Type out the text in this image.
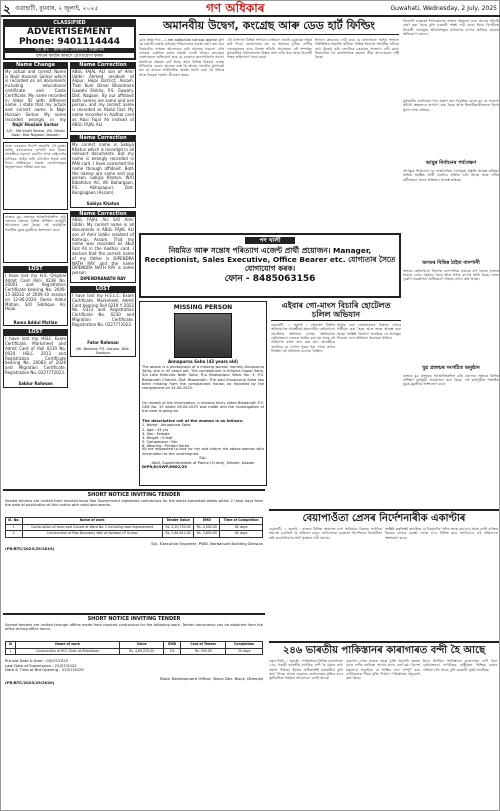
২ গুৱাহাটী, বুধবাৰ, ২ জুলাই, ২০২৫	গণ অধিকাৰ	Guwahati, Wednesday, 2 July, 2025
CLASSIFIED
ADVERTISEMENT
Phone: 9401114444
মিঃ ক্ৰঃ - কলকাতা ডেকালীন বিজ্ঞাপন
বহুতৰ কাৰ্য্যৰ কাৰণে যোগাযোগ কৰক
Name Change
My actual and correct Name is Najir Hussain Sarkar which is recorded on all documents including educational certificate and Caste Certificate. My name recorded in Voter ID with different name. I state that my actual and correct name is Najir Hussain Sarkar. My name recorded wrongly in my
Najir Hussain Sarkar
S/O - Md Khalil Sarkar, Vill- Dhubi Gaon, Dist Nagaon (Assam)
ৰাজ্য চৰকাৰৰ নিৰ্দেশ অনুসৰি গো-সুৰক্ষা আইন কঠোৰভাৱে ৰূপায়ণ কৰা হৈছে। আৰক্ষীয়ে সকলো হোটেল আৰু ৰেষ্টুৰেণ্টৰ মালিকক আইন মানি চলিবলৈ সতৰ্ক কৰি দিয়ে। অভিযানৰ সময়ত হোটেলসমূহৰ অনুজ্ঞাপত্ৰও পৰীক্ষা কৰা হয়।
ৰাজ্যৰ যুৱ প্ৰজন্মক আত্মনিৰ্ভৰশীল কৰি তোলাৰ লক্ষ্যৰে বিভিন্ন প্ৰশিক্ষণ কাৰ্যসূচী আয়োজন কৰা হৈছে। এই কাৰ্যসূচীত শতাধিক যুৱক-যুৱতীয়ে অংশগ্ৰহণ কৰে।
LOST
I have lost my H.S. Original Admit Card Roll- 0238 No. 20001 and Registration Certificate bearing No. 2009-15-38232 of 2009-10 session on 12-06-2024. Rama Addul Matian, S/O Siddique Ali, Hojai.
Rama Addul Matian
LOST
I have lost my HSLC Exam Certificate, Marksheet and Admit Card of Roll 0219 No. 0024 HSLC 2013 and Registration Certificate bearing No. 20083 of 2026 and Migration Certificate. Registration No. 0227772023.
Sabiur Rahman
Name Correction
ABUL FAJAL ALI son of Amir Uddin Ahmed resident of Alipur, Hojai District, Assam. That Kum Bimal Bhoomaira Gawahi Shikha, P.S. Gawahi, Dist. Nagaon. By our affidavit both names are same and one person, and my correct name is recorded as Abdul Fazl. My name recorded in Aadhar card as Abul Fajal Ali instead of ABUL FAJAL ALI.
Name Correction
My correct name is Sabiya Khatun which is recorded in all relevant documents. But my name is wrongly recorded in PAN card. I have corrected the name through affidavit. Both the names are same and one person. Sabiya Khatun, W/O Bibahitun Ali, Vill Bahargaon, P.S. Abhayapuri, Dist. Bongaigaon (Assam).
Sabiya Khatun
Name Correction
ABUL FAJAL ALI S/O Amir Uddin. My correct name in all documents is ABUL FAJAL ALI son of Amir Uddin resident of Kamrup, Assam. That my name was recorded as Abul Fazl Ali in the Aadhar card. I declare that the correct name of my father is DIPENDRA NATH RAY and the name DIPENDRA NATH RAY is same person.
DIPENDRANATH RAY
LOST
I have lost my H.S.L.C. Exam Certificate, Marksheet, Admit Card bearing Roll 0219 Y 2022 No. 0313 and Registration Certificate No. 0230 and Migration Certificate. Registration No. 0227772023.
Fator Rahman
Vill- Belpara, P.S. Gohpur, Dist- Sonitpur
অমানবীয় উদ্বেগ, কংগ্ৰেছ আৰু ডেড হাৰ্ট ফিল্ডিং
মোৰ প্ৰশ্নৰ পৰা... I am addictive cannot blame বুলি কৈ নৱাজী বাতৰি মাধ্যমক পৰিচালনাৰ ব্যৱস্থা গ্ৰহণ কৰা হয়। বিষয়টোৰ ওপৰত আলোচনা কৰি সমাজৰ সকলো বৰ্গৰ লোকক একত্ৰিত কৰাৰ প্ৰচেষ্টা চলাই আছে। কংগ্ৰেছৰ নেতাসকলে অভিযোগ কৰে যে চৰকাৰে জনসাধাৰণৰ সমস্যা সমাধানৰ ক্ষেত্ৰত ব্যৰ্থ হৈছে আৰু বিভিন্ন বিষয়ত গুৰুত্ব নিদিয়াকৈ কেৱল প্ৰচাৰত ব্যস্ত হৈ আছে। দলটোৰ মুখপাত্ৰই কয় যে ৰাজ্যৰ অৰ্থনৈতিক অৱস্থা ক্ৰমাৎ বেয়া হৈ পৰিছে আৰু নিবনুৱা সমস্যা তীব্ৰতৰ হৈছে।
এই প্ৰসংগত বিভিন্ন সংগঠনে প্ৰতিবাদ জনাই চৰকাৰক সতৰ্ক কৰি দিয়ে। তেওঁলোকে কয় যে সমাজৰ দুখীয়া শ্ৰেণীৰ লোকসকলৰ বাবে বিশেষ আঁচনি প্ৰয়োজন। এই সম্পৰ্কত মুখ্যমন্ত্ৰীয়ে বিধানসভাত বিস্তৃত তথ্য দাঙি ধৰে আৰু বিৰোধী পক্ষৰ অভিযোগ খণ্ডন কৰে।
ইফালে কংগ্ৰেছে দাবী কৰে যে ৰাজ্যখনত আইন শৃংখলা পৰিস্থিতিৰ অৱনতি ঘটিছে। বিভিন্ন জিলাত সংঘটিত ঘটনাৰ কথা উল্লেখ কৰি দলটোৱে চৰকাৰৰ পদত্যাগ দাবী কৰে। বিষয়টোক লৈ ৰাজনৈতিক মহলত তীব্ৰ আলোড়নৰ সৃষ্টি হৈছে।
বিজেপি চৰকাৰৰ শাসনকালত ৰাজ্যৰ উন্নয়নৰ বাবে অনেক আঁচনি গ্ৰহণ কৰা হৈছে বুলি চৰকাৰী পক্ষই দাবী কৰে। ইয়াৰ বিপৰীতে বিৰোধী দলসমূহে আঁচনিসমূহৰ ৰূপায়ণত ব্যাপক অনিয়ম হোৱাৰ অভিযোগ তোলে।
মুখ্যমন্ত্ৰীৰ কাৰ্যালয়ৰ পৰা প্ৰকাশ কৰা বিবৃতিত কোৱা হয় যে সকলো আঁচনি স্বচ্ছতাৰে ৰূপায়ণ কৰা হৈছে আৰু হিতাধিকাৰীসকলে ইয়াৰ সুফল লাভ কৰিছে।
আছুৰ নিৰ্বাচনৰ পৰ্যবেক্ষণ
আগন্তুক নিৰ্বাচনক লৈ ৰাজনৈতিক দলসমূহে প্ৰস্তুতি আৰম্ভ কৰিছে। বিভিন্ন সমষ্টিত প্ৰাৰ্থী বাছনিৰ প্ৰক্ৰিয়া চলি আছে আৰু দলীয় কৰ্মীসকলে প্ৰচাৰ অভিযান আৰম্ভ কৰিছে।
অসমৰ বিভিন্ন ঠাইত বানপানী
অসমৰ কেইবাখনো জিলাত বানপানীয়ে ভয়াবহ ৰূপ লৈছে। হাজাৰ হাজাৰ লোক গৃহহাৰা হৈছে আৰু শস্যৰ ব্যাপক ক্ষতি হৈছে। ৰাজ্য দুৰ্যোগ ব্যৱস্থাপনা প্ৰাধিকৰণে সাহায্য প্ৰদান কৰি আছে।
যুৱ প্ৰজন্মৰ সংগঠিত অনুষ্ঠান
ৰাজ্যৰ যুৱ প্ৰজন্মক আত্মনিৰ্ভৰশীল কৰি তোলাৰ লক্ষ্যৰে বিভিন্ন প্ৰশিক্ষণ কাৰ্যসূচী আয়োজন কৰা হৈছে। এই কাৰ্যসূচীত শতাধিক যুৱক-যুৱতীয়ে অংশগ্ৰহণ কৰে।
পদ খালী
নিয়মিত আৰু সন্তোষ পৰিত্যাগ এজেন্ট প্ৰাৰ্থী প্ৰয়োজন। Manager, Receptionist, Sales Executive, Office Bearer etc. যোগ্যতাৰ সৈতে যোগাযোগ কৰক।
ফোন - 8485063156
MISSING PERSON
Annapurna Saha (43 years old)
The above is a photograph of a missing woman namely Annapurna Saha, she is 43 years old. The complainant is Krishna Gopal Saha, S/o Late Birendra Nath Saha, R/o Bhabanipur Ward No. 3, P.S. Biswanath Chariali, Dist. Biswanath. The said Annapurna Saha has been missing from the complainant house, as reported by the complainant on 24-06-2025.
On receipt of the information, a missing entry video Biswanath P.S. GDE No. 33 dated 26-06-2025 was made and the investigation of the case is going on.
The descriptive roll of the woman is as follows:
1. Name : Annapurna Saha
2. Age : 43 yrs
3. Sex : Female
4. Height : 5 feet
5. Complexion : Fair
6. Wearing : Printed Saree
All are requested to look for her and inform the above woman with information to the undersigned.
Sd/-
Addl. Superintendent of Police (Crime), Dhubri, Assam
DIPR/D/GWP/0682/25
এইবাৰ গো-মাংস বিচাৰি হোটেলত চলিল অভিযান
গুৱাহাটী, ১ জুলাই : গোমাংস বিক্ৰীৰ অভিযোগত আৰক্ষীয়ে মহানগৰীৰ কেইবাখনো হোটেলত অভিযান চলায়। অভিযানত কেইবাজনো লোকক আটক কৰা হয় আৰু বহু পৰিমাণৰ মাংস জব্দ কৰা হয়। আৰক্ষীয়ে জনাইছে যে গোপন সূত্ৰৰ পৰা পোৱা তথ্যৰ ভিত্তিত এই অভিযান চলোৱা হৈছিল।
আটক কৰা লোকসকলৰ বিৰুদ্ধে গোচৰ পঞ্জীয়ন কৰা হৈছে আৰু তদন্ত আৰম্ভ কৰা হৈছে। সংশ্লিষ্ট বিভাগে জনাইছে যে আগন্তুক দিনতো এনে অভিযান অব্যাহত থাকিব।
SHORT NOTICE INVITING TENDER
Sealed tenders are invited from reputed bona fide Government registered contractors for the works tabulated below within 2 (two) days from the date of publication of this notice with valid documents.
Sl. No.	Name of work	Tender Value	EMD	Time of Completion
1	Construction of drain and Culvert at Ward No. 2 including road improvement	Rs. 4,20,730.00	Rs. 4,000.00	60 days
2	Construction of Pipe Boundary Wall at Kaliabor LP School	Rs. 3,84,612.00	Rs. 3,800.00	60 days
Sd/- Executive Engineer, PWD, Barbaruah Building Division
(PR/BTC/2023/29/2019)
SHORT NOTICE INVITING TENDER
Sealed tenders are invited through offline mode from reputed contractors for the following work. Tender documents can be obtained from the office during office hours.
Sl	Name of work	Value	EMD	Cost of Tender	Completion
1	Construction of RCC Drain at Bhalukbari	Rs. 4,89,225.00	2%	Rs. 500.00	30 days
Pre-bid Date & time : 03/07/2025
Last Date of Submission : 22/07/2025
Date & Time of Bid Opening : 22/07/2025
Block Development Officer, Block Dev. Block, Dhemaji
(PR/BTC/2023/29/2020)
বেয়াপাওঁতা প্ৰেসৰ নিৰ্দেশনাৰীক একাণ্টাৰ
গুৱাহাটী, ১ জুলাই : ৰাজ্যৰ বিভিন্ন অঞ্চলত চলা অনিয়মৰ বিৰুদ্ধে নাগৰিক সমাজে একত্ৰিত হৈ প্ৰতিবাদ কৰে। তেওঁলোকে চৰকাৰৰ নিৰ্দেশনাৰ বিৰোধিতা কৰি জনসাধাৰণৰ স্বাৰ্থ সুৰক্ষাৰ দাবী জনায়।
সংশ্লিষ্ট কৰ্তৃপক্ষই জনাইছে যে বিষয়টোৰ গভীৰ তদন্ত কৰা হ'ব আৰু দোষী ব্যক্তিৰ বিৰুদ্ধে কঠোৰ ব্যৱস্থা লোৱা হ'ব। বিভিন্ন ছাত্ৰ সংগঠনেও এই প্ৰতিবাদত অংশগ্ৰহণ কৰে।
২৪৬ ভাৰতীয় পাকিস্তানৰ কাৰাগাৰত বন্দী হৈ আছে
নতুন দিল্লী, ১ জুলাই : পাকিস্তানৰ বিভিন্ন কাৰাগাৰত ২৪৬ গৰাকী ভাৰতীয় নাগৰিক বন্দী হৈ থকাৰ তথ্য প্ৰকাশ পাইছে। ইয়াৰে অধিকাংশই মাছমৰীয়া বুলি জনা গৈছে। ভাৰত চৰকাৰে তেওঁলোকৰ মুক্তিৰ বাবে কূটনৈতিক পৰ্যায়ত আলোচনা চলাই আছে।
দুয়োখন দেশৰ মাজত হোৱা চুক্তি অনুসৰি বছৰত দুবাৰ বন্দীৰ তালিকা আদান-প্ৰদান কৰা হয়। বিদেশ মন্ত্ৰালয়ে জনাইছে যে শাস্তিৰ ম্যাদ সম্পূৰ্ণ কৰা বন্দীসকলক শীঘ্ৰে মুক্তি দিবলৈ পাকিস্তানক অনুৰোধ কৰা হৈছে।
ইয়াৰ উপৰিও পাকিস্তানৰ কাৰাগাৰত বন্দী থকা কেইবাজনো নাগৰিকৰ ৰাষ্ট্ৰীয়তা নিশ্চিত কৰাৰ প্ৰক্ৰিয়া চলি আছে বুলি চৰকাৰী সূত্ৰই জনাইছে।
